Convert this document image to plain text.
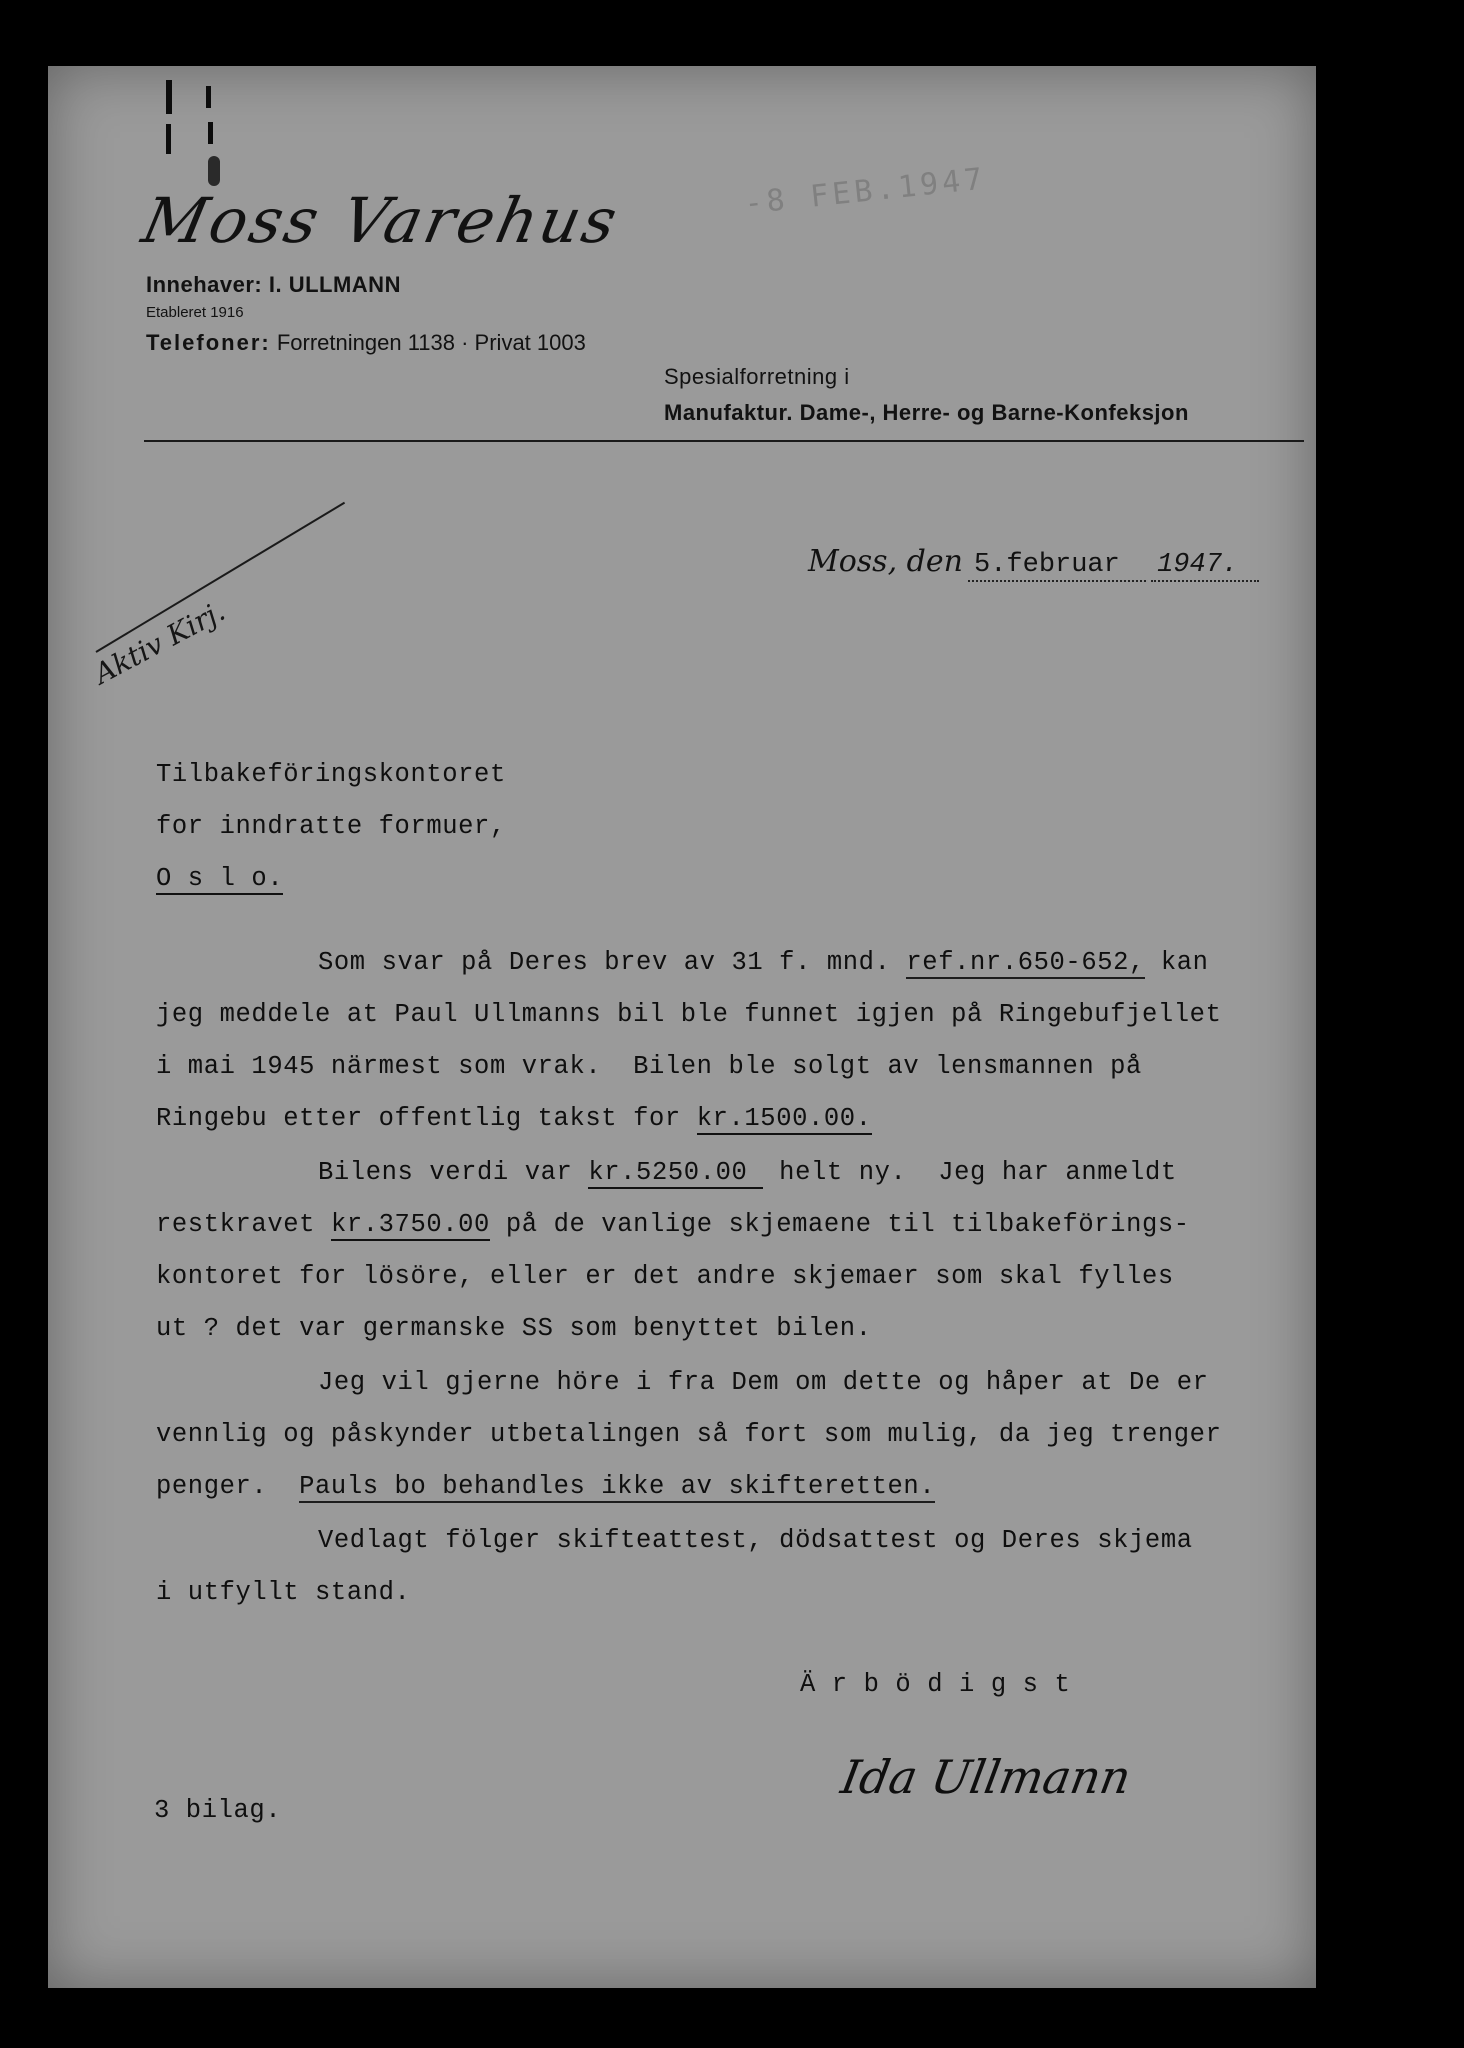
Moss Varehus	-8 FEB.1947
Innehaver: I. ULLMANN
Etableret 1916
Telefoner: Forretningen 1138 · Privat 1003
Spesialforretning i
Manufaktur. Dame-, Herre- og Barne-Konfeksjon
Moss, den 5.februar 1947.
Aktiv Kirj.
Tilbakeföringskontoret
for inndratte formuer,
O s l o.
Som svar på Deres brev av 31 f. mnd. ref.nr.650-652, kan
jeg meddele at Paul Ullmanns bil ble funnet igjen på Ringebufjellet
i mai 1945 närmest som vrak.  Bilen ble solgt av lensmannen på
Ringebu etter offentlig takst for kr.1500.00.
Bilens verdi var kr.5250.00  helt ny.  Jeg har anmeldt
restkravet kr.3750.00 på de vanlige skjemaene til tilbakeförings-
kontoret for lösöre, eller er det andre skjemaer som skal fylles
ut ? det var germanske SS som benyttet bilen.
Jeg vil gjerne höre i fra Dem om dette og håper at De er
vennlig og påskynder utbetalingen så fort som mulig, da jeg trenger
penger.  Pauls bo behandles ikke av skifteretten.
Vedlagt fölger skifteattest, dödsattest og Deres skjema
i utfyllt stand.
Ä r b ö d i g s t
Ida Ullmann
3 bilag.
